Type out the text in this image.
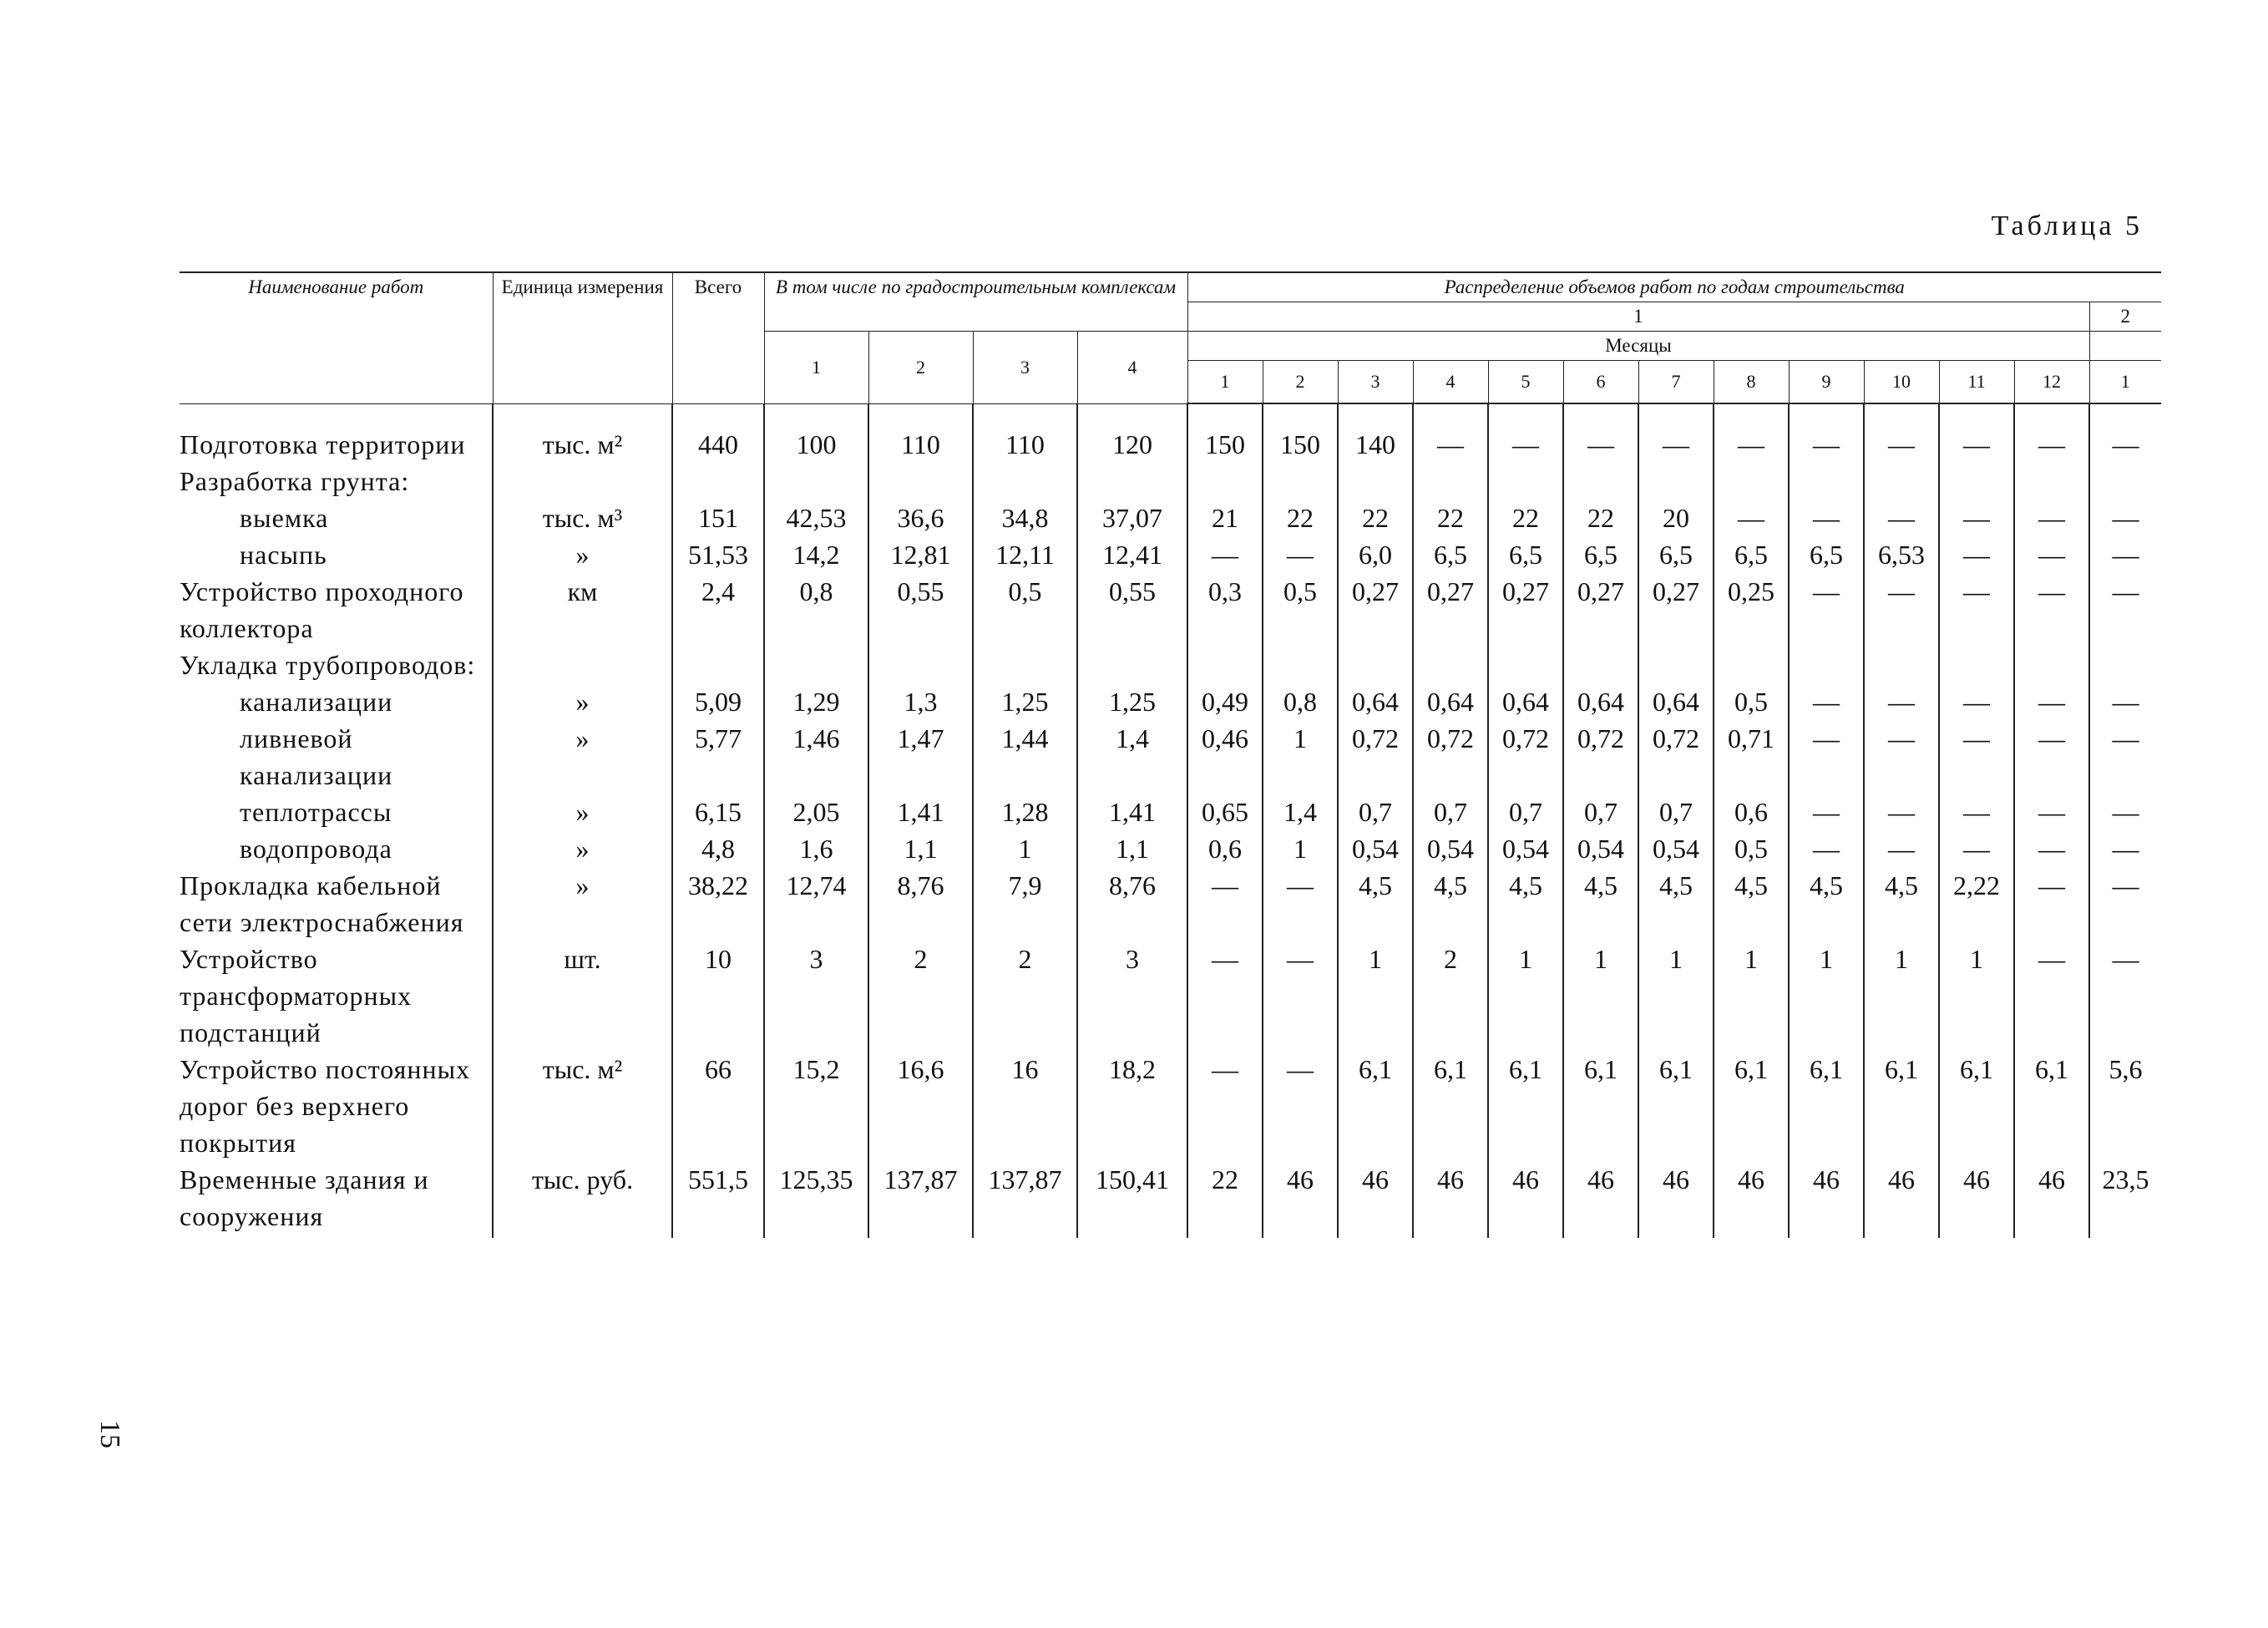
Таблица 5
Наименование работ	Единица измерения	Всего	В том числе по градостроительным комплексам				Распределение объемов работ по годам строительства												
							1												2
			1	2	3	4	Месяцы												
							1	2	3	4	5	6	7	8	9	10	11	12	1
Подготовка территории	тыс. м²	440	100	110	110	120	150	150	140	—	—	—	—	—	—	—	—	—	—
Разработка грунта:																			
выемка	тыс. м³	151	42,53	36,6	34,8	37,07	21	22	22	22	22	22	20	—	—	—	—	—	—
насыпь	»	51,53	14,2	12,81	12,11	12,41	—	—	6,0	6,5	6,5	6,5	6,5	6,5	6,5	6,53	—	—	—
Устройство проходного коллектора	км	2,4	0,8	0,55	0,5	0,55	0,3	0,5	0,27	0,27	0,27	0,27	0,27	0,25	—	—	—	—	—
Укладка трубопроводов:																			
канализации	»	5,09	1,29	1,3	1,25	1,25	0,49	0,8	0,64	0,64	0,64	0,64	0,64	0,5	—	—	—	—	—
ливневой канализации	»	5,77	1,46	1,47	1,44	1,4	0,46	1	0,72	0,72	0,72	0,72	0,72	0,71	—	—	—	—	—
теплотрассы	»	6,15	2,05	1,41	1,28	1,41	0,65	1,4	0,7	0,7	0,7	0,7	0,7	0,6	—	—	—	—	—
водопровода	»	4,8	1,6	1,1	1	1,1	0,6	1	0,54	0,54	0,54	0,54	0,54	0,5	—	—	—	—	—
Прокладка кабельной сети электроснабжения	»	38,22	12,74	8,76	7,9	8,76	—	—	4,5	4,5	4,5	4,5	4,5	4,5	4,5	4,5	2,22	—	—
Устройство трансформаторных подстанций	шт.	10	3	2	2	3	—	—	1	2	1	1	1	1	1	1	1	—	—
Устройство постоянных дорог без верхнего покрытия	тыс. м²	66	15,2	16,6	16	18,2	—	—	6,1	6,1	6,1	6,1	6,1	6,1	6,1	6,1	6,1	6,1	5,6
Временные здания и сооружения	тыс. руб.	551,5	125,35	137,87	137,87	150,41	22	46	46	46	46	46	46	46	46	46	46	46	23,5
15
